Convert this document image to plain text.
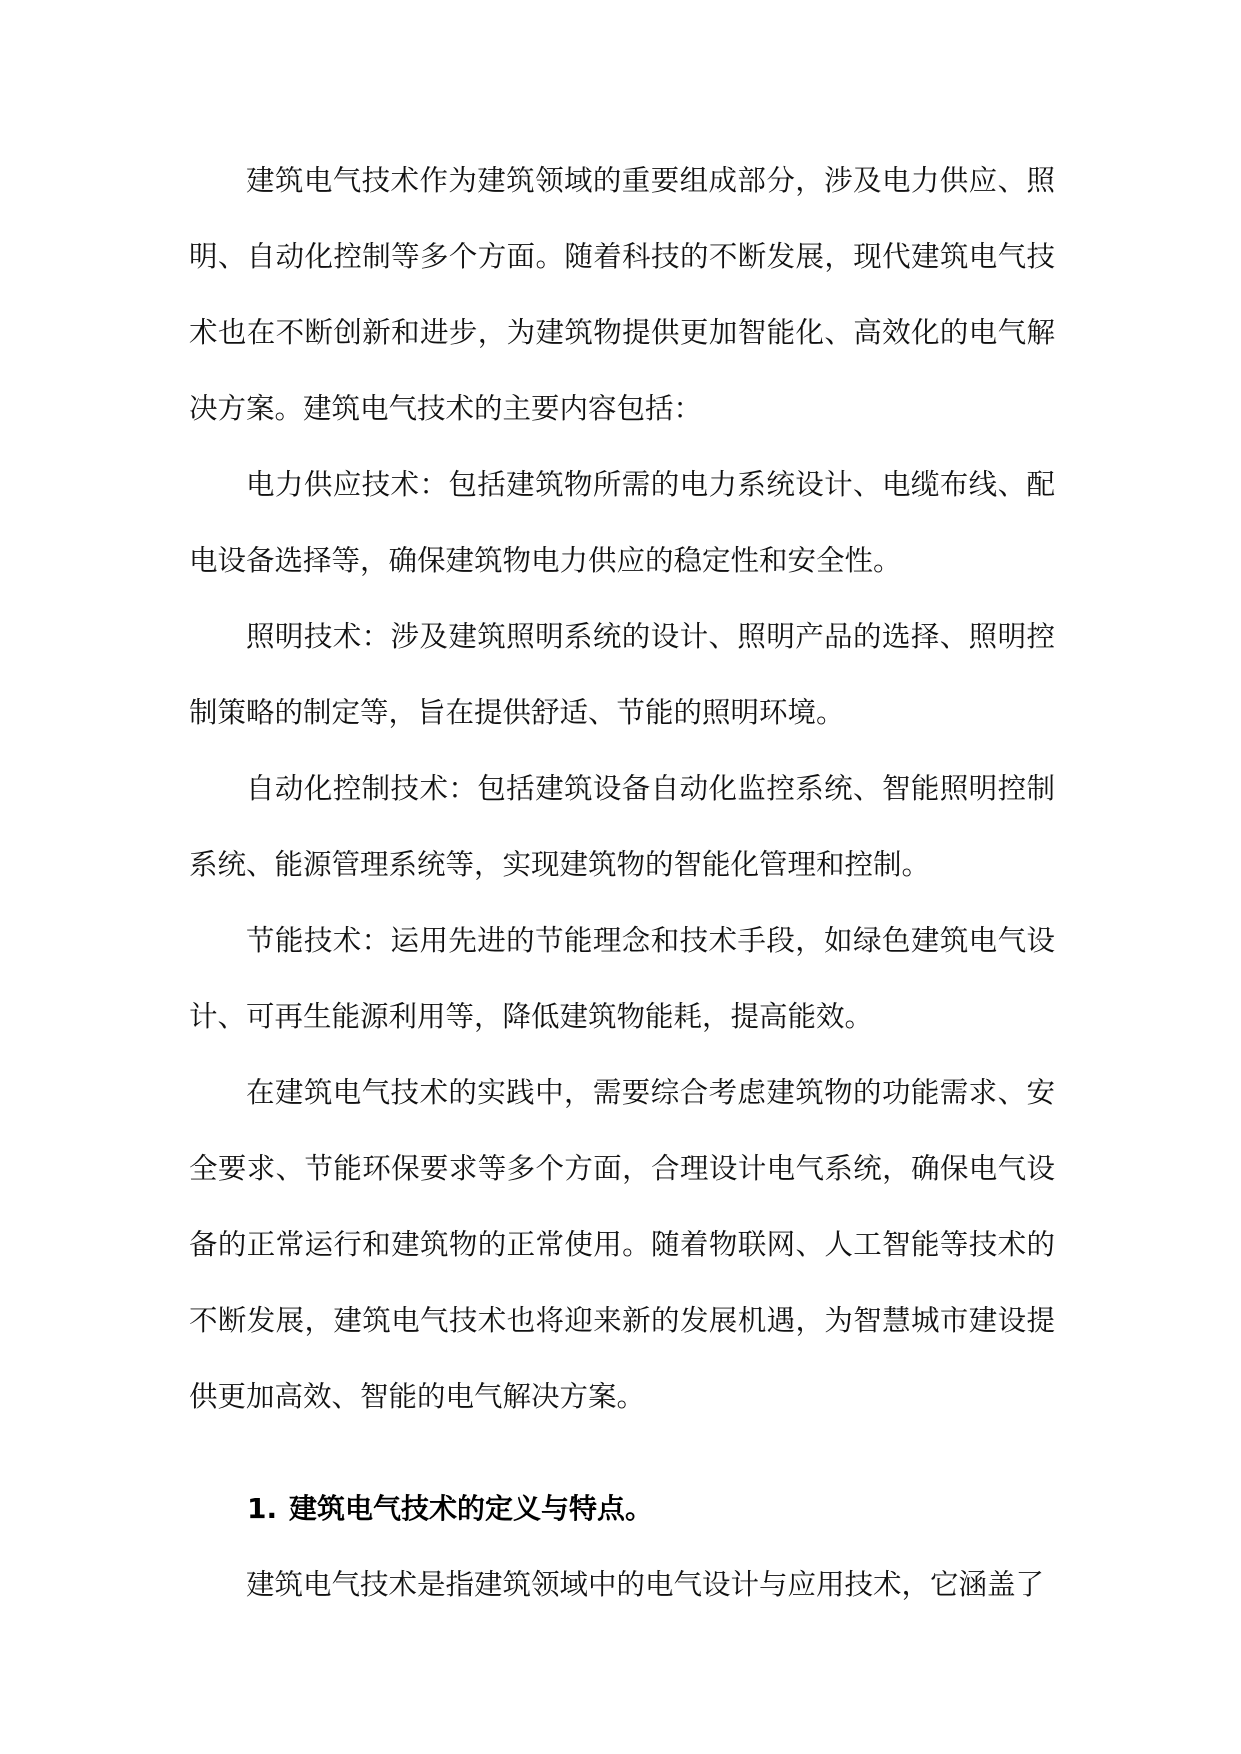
建筑电气技术作为建筑领域的重要组成部分，涉及电力供应、照明、自动化控制等多个方面。随着科技的不断发展，现代建筑电气技术也在不断创新和进步，为建筑物提供更加智能化、高效化的电气解决方案。建筑电气技术的主要内容包括：

电力供应技术：包括建筑物所需的电力系统设计、电缆布线、配电设备选择等，确保建筑物电力供应的稳定性和安全性。

照明技术：涉及建筑照明系统的设计、照明产品的选择、照明控制策略的制定等，旨在提供舒适、节能的照明环境。

自动化控制技术：包括建筑设备自动化监控系统、智能照明控制系统、能源管理系统等，实现建筑物的智能化管理和控制。

节能技术：运用先进的节能理念和技术手段，如绿色建筑电气设计、可再生能源利用等，降低建筑物能耗，提高能效。

在建筑电气技术的实践中，需要综合考虑建筑物的功能需求、安全要求、节能环保要求等多个方面，合理设计电气系统，确保电气设备的正常运行和建筑物的正常使用。随着物联网、人工智能等技术的不断发展，建筑电气技术也将迎来新的发展机遇，为智慧城市建设提供更加高效、智能的电气解决方案。

1. 建筑电气技术的定义与特点。

建筑电气技术是指建筑领域中的电气设计与应用技术，它涵盖了
